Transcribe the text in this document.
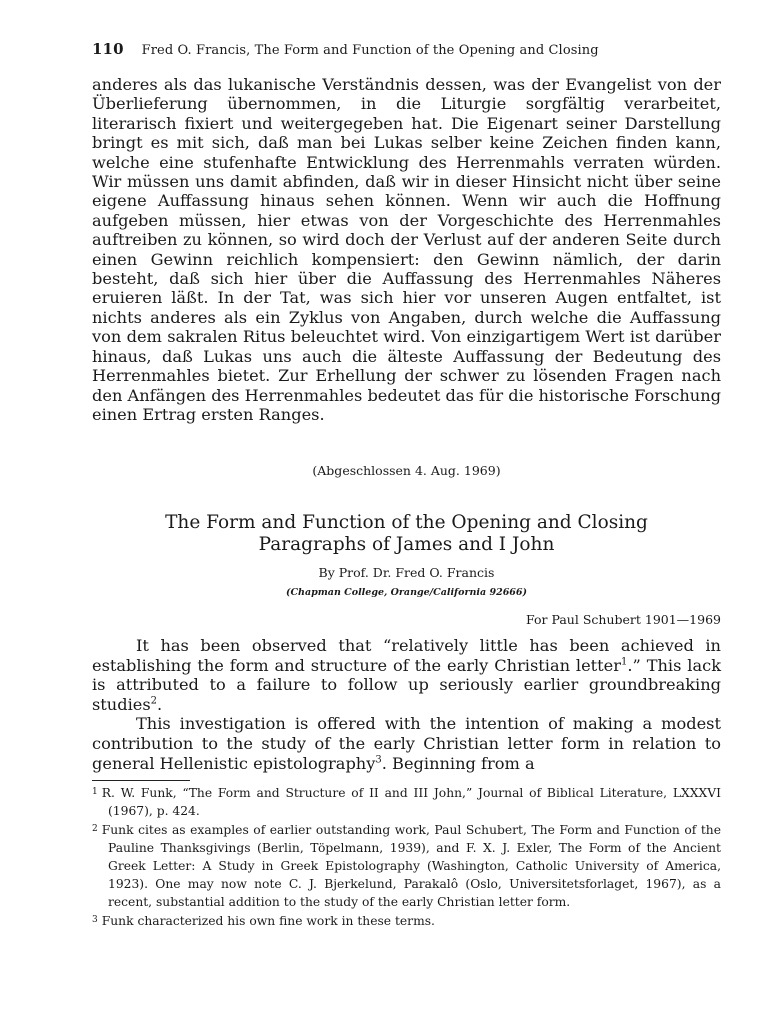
110 Fred O. Francis, The Form and Function of the Opening and Closing
anderes als das lukanische Verständnis dessen, was der Evangelist von der Überlieferung übernommen, in die Liturgie sorgfältig verarbeitet, literarisch fixiert und weitergegeben hat. Die Eigenart seiner Darstellung bringt es mit sich, daß man bei Lukas selber keine Zeichen finden kann, welche eine stufenhafte Entwicklung des Herrenmahls verraten würden. Wir müssen uns damit abfinden, daß wir in dieser Hinsicht nicht über seine eigene Auffassung hinaus sehen können. Wenn wir auch die Hoffnung aufgeben müssen, hier etwas von der Vorgeschichte des Herrenmahles auftreiben zu können, so wird doch der Verlust auf der anderen Seite durch einen Gewinn reichlich kompensiert: den Gewinn nämlich, der darin besteht, daß sich hier über die Auffassung des Herrenmahles Näheres eruieren läßt. In der Tat, was sich hier vor unseren Augen entfaltet, ist nichts anderes als ein Zyklus von Angaben, durch welche die Auffassung von dem sakralen Ritus beleuchtet wird. Von einzigartigem Wert ist darüber hinaus, daß Lukas uns auch die älteste Auffassung der Bedeutung des Herrenmahles bietet. Zur Erhellung der schwer zu lösenden Fragen nach den Anfängen des Herrenmahles bedeutet das für die historische Forschung einen Ertrag ersten Ranges.
(Abgeschlossen 4. Aug. 1969)
The Form and Function of the Opening and Closing
Paragraphs of James and I John
By Prof. Dr. Fred O. Francis
(Chapman College, Orange/California 92666)
For Paul Schubert 1901—1969

It has been observed that “relatively little has been achieved in establishing the form and structure of the early Christian letter$^1$.” This lack is attributed to a failure to follow up seriously earlier groundbreaking studies$^2$.

This investigation is offered with the intention of making a modest contribution to the study of the early Christian letter form in relation to general Hellenistic epistolography$^3$. Beginning from a

$^1$ R. W. Funk, “The Form and Structure of II and III John,” Journal of Biblical Literature, LXXXVI (1967), p. 424.

$^2$ Funk cites as examples of earlier outstanding work, Paul Schubert, The Form and Function of the Pauline Thanksgivings (Berlin, Töpelmann, 1939), and F. X. J. Exler, The Form of the Ancient Greek Letter: A Study in Greek Epistolography (Washington, Catholic University of America, 1923). One may now note C. J. Bjerkelund, Parakalô (Oslo, Universitetsforlaget, 1967), as a recent, substantial addition to the study of the early Christian letter form.

$^3$ Funk characterized his own fine work in these terms.
